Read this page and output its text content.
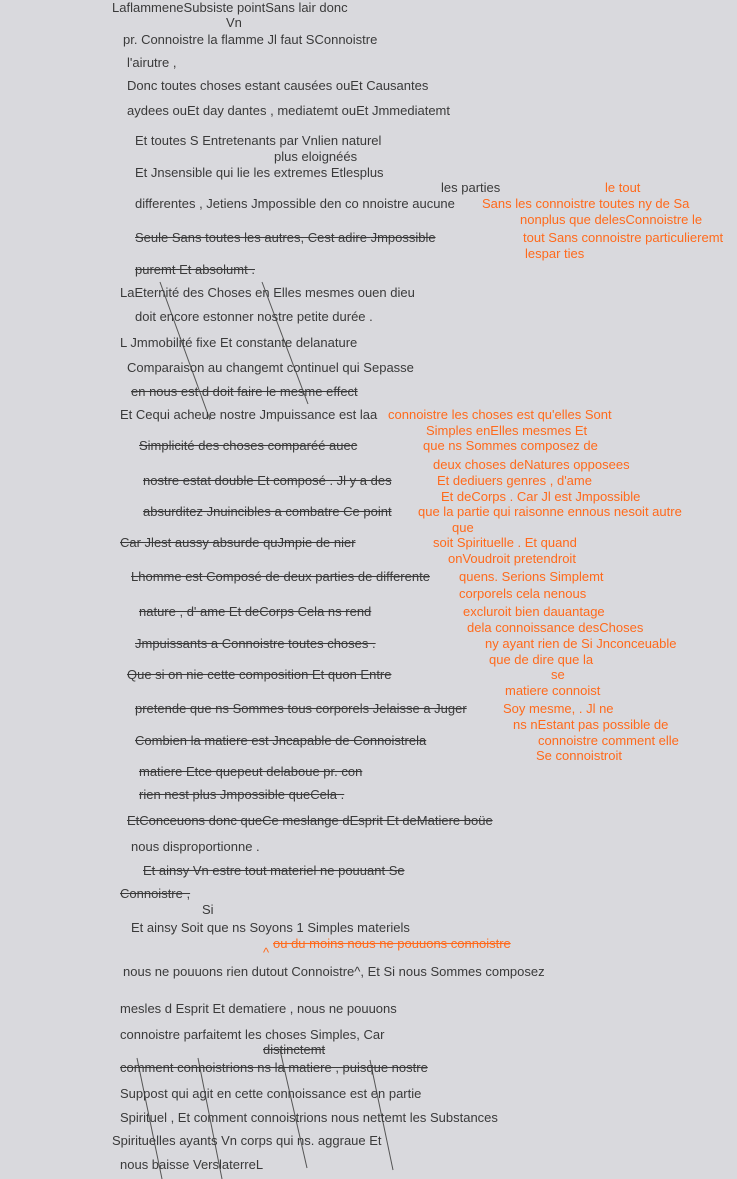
LaflammeneSubsiste pointSans lair donc
Vn
pr. Connoistre la flamme Jl faut SConnoistre
l'airutre ,
Donc toutes choses estant causées ouEt Causantes
aydees ouEt day dantes , mediatemt ouEt Jmmediatemt
Et toutes S Entretenants par Vnlien naturel
plus eloignéés
Et Jnsensible qui lie les extremes Etlesplus
differentes , Jetiens Jmpossible den co nnoistre aucune
Seule Sans toutes les autres, Cest adire Jmpossible
puremt Et absolumt .
LaEternité des Choses en Elles mesmes ouen dieu
doit encore estonner nostre petite durée .
L Jmmobilité fixe Et constante delanature
Comparaison au changemt continuel qui Sepasse
en nous est d doit faire le mesme effect
Et Cequi acheue nostre Jmpuissance est laa
Simplicité des choses comparéé auec
nostre estat double Et composé . Jl y a des
absurditez Jnuincibles a combatre Ce point
Car Jlest aussy absurde quJmpie de nier
Lhomme est Composé de deux parties de differente
nature , d' ame Et deCorps Cela ns rend
Jmpuissants a Connoistre toutes choses .
Que si on nie cette composition Et quon Entre
pretende que ns Sommes tous corporels Jelaisse a Juger
Combien la matiere est Jncapable de Connoistrela
matiere Etce quepeut delaboue pr. con
rien nest plus Jmpossible queCela .
EtConceuons donc queCe meslange dEsprit Et deMatiere boüe
nous disproportionne .
Et ainsy Vn estre tout materiel ne pouuant Se
Connoistre ,
Si
Et ainsy Soit que ns Soyons 1 Simples materiels
ou du moins nous ne pouuons connoistre
^
nous ne pouuons rien dutout Connoistre^, Et Si nous Sommes composez
mesles d Esprit Et dematiere , nous ne pouuons
connoistre parfaitemt les choses Simples, Car
distinctemt
comment connoistrions ns la matiere , puisque nostre
Suppost qui agit en cette connoissance est en partie
Spirituel , Et comment connoistrions nous nettemt les Substances
Spirituelles ayants Vn corps qui ns. aggraue Et
nous baisse VerslaterreL
les parties	le tout
Sans les connoistre toutes ny de Sa
nonplus que delesConnoistre le
tout Sans connoistre particulieremt
lespar ties
connoistre les choses est qu'elles Sont
Simples enElles mesmes Et
que ns Sommes composez de
deux choses deNatures opposees
Et dediuers genres , d'ame
Et deCorps . Car Jl est Jmpossible
que la partie qui raisonne ennous nesoit autre
que
soit Spirituelle . Et quand
onVoudroit pretendroit
quens. Serions Simplemt
corporels cela nenous
excluroit bien dauantage
dela connoissance desChoses
ny ayant rien de Si Jnconceuable
que de dire que la
se
matiere connoist
Soy mesme, . Jl ne
ns nEstant pas possible de
connoistre comment elle
Se connoistroit
